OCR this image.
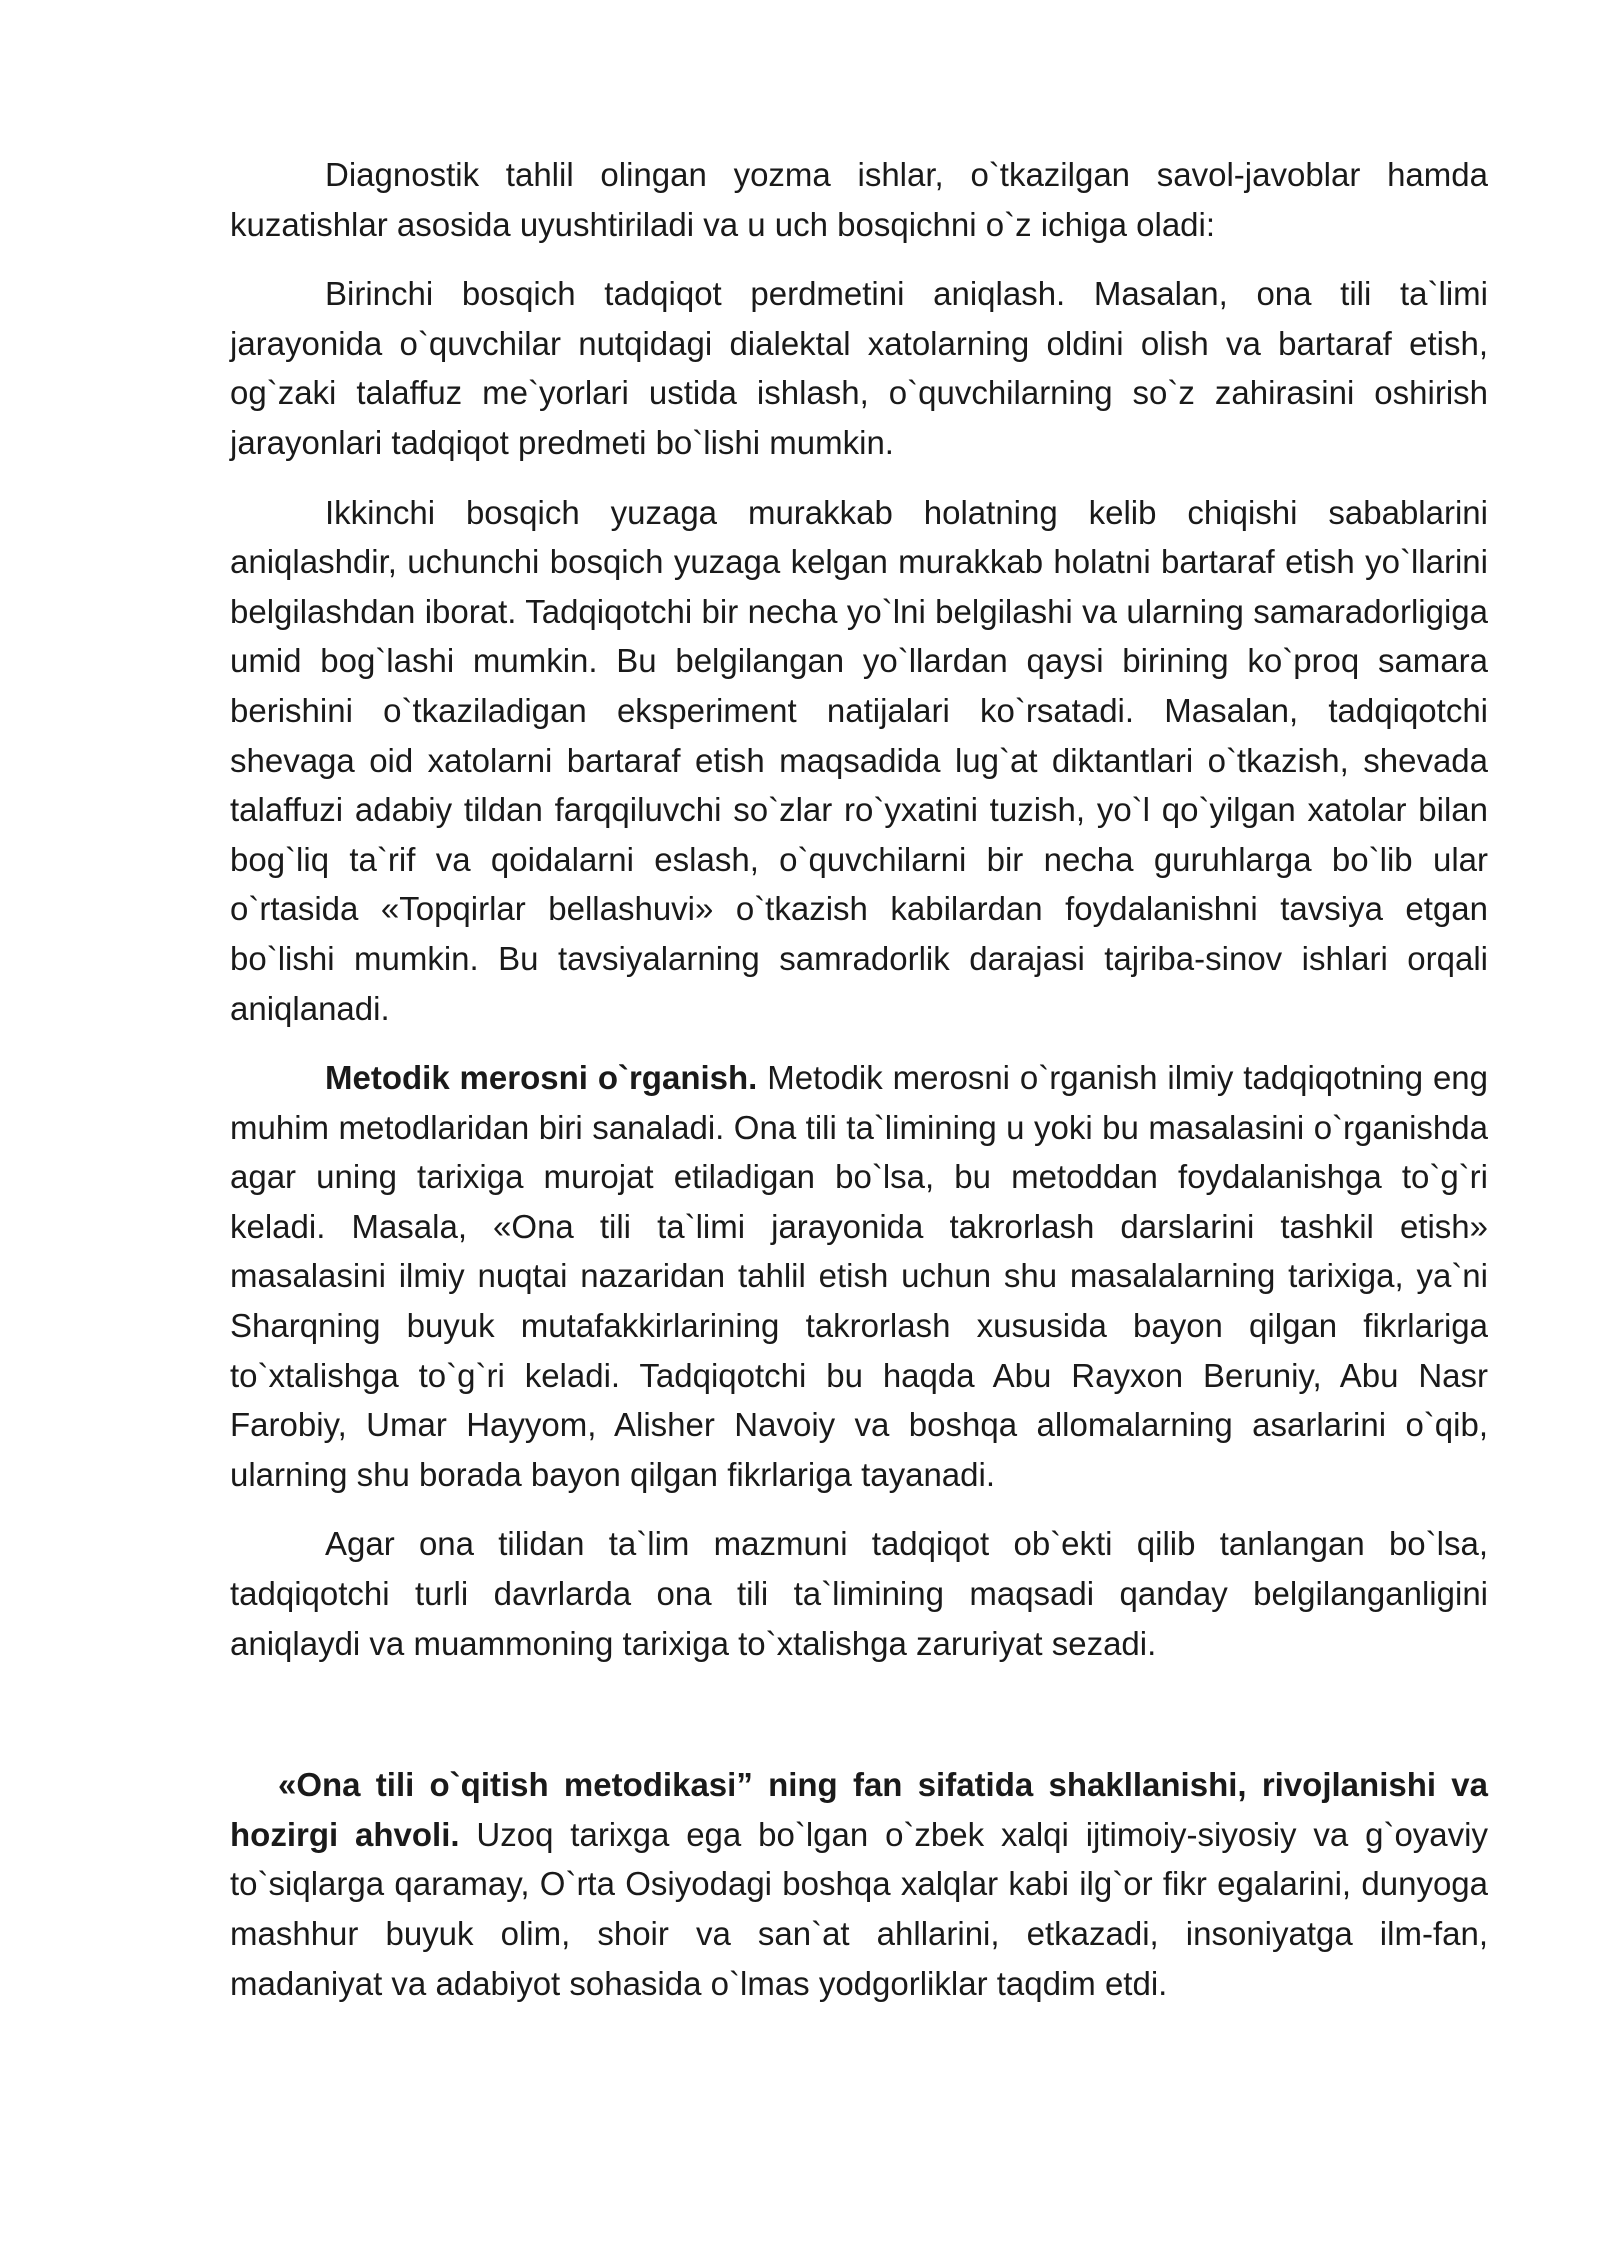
Diagnostik tahlil olingan yozma ishlar, o`tkazilgan savol-javoblar hamda kuzatishlar asosida uyushtiriladi va u uch bosqichni o`z ichiga oladi:

Birinchi bosqich tadqiqot perdmetini aniqlash. Masalan, ona tili ta`limi jarayonida o`quvchilar nutqidagi dialektal xatolarning oldini olish va bartaraf etish, og`zaki talaffuz me`yorlari ustida ishlash, o`quvchilarning so`z zahirasini oshirish jarayonlari tadqiqot predmeti bo`lishi mumkin.

Ikkinchi bosqich yuzaga murakkab holatning kelib chiqishi sabablarini aniqlashdir, uchunchi bosqich yuzaga kelgan murakkab holatni bartaraf etish yo`llarini belgilashdan iborat. Tadqiqotchi bir necha yo`lni belgilashi va ularning samaradorligiga umid bog`lashi mumkin. Bu belgilangan yo`llardan qaysi birining ko`proq samara berishini o`tkaziladigan eksperiment natijalari ko`rsatadi. Masalan, tadqiqotchi shevaga oid xatolarni bartaraf etish maqsadida lug`at diktantlari o`tkazish, shevada talaffuzi adabiy tildan farqqiluvchi so`zlar ro`yxatini tuzish, yo`l qo`yilgan xatolar bilan bog`liq ta`rif va qoidalarni eslash, o`quvchilarni bir necha guruhlarga bo`lib ular o`rtasida «Topqirlar bellashuvi» o`tkazish kabilardan foydalanishni tavsiya etgan bo`lishi mumkin. Bu tavsiyalarning samradorlik darajasi tajriba-sinov ishlari orqali aniqlanadi.

Metodik merosni o`rganish. Metodik merosni o`rganish ilmiy tadqiqotning eng muhim metodlaridan biri sanaladi. Ona tili ta`limining u yoki bu masalasini o`rganishda agar uning tarixiga murojat etiladigan bo`lsa, bu metoddan foydalanishga to`g`ri keladi. Masala, «Ona tili ta`limi jarayonida takrorlash darslarini tashkil etish» masalasini ilmiy nuqtai nazaridan tahlil etish uchun shu masalalarning tarixiga, ya`ni Sharqning buyuk mutafakkirlarining takrorlash xususida bayon qilgan fikrlariga to`xtalishga to`g`ri keladi. Tadqiqotchi bu haqda Abu Rayxon Beruniy, Abu Nasr Farobiy, Umar Hayyom, Alisher Navoiy va boshqa allomalarning asarlarini o`qib, ularning shu borada bayon qilgan fikrlariga tayanadi.

Agar ona tilidan ta`lim mazmuni tadqiqot ob`ekti qilib tanlangan bo`lsa, tadqiqotchi turli davrlarda ona tili ta`limining maqsadi qanday belgilanganligini aniqlaydi va muammoning tarixiga to`xtalishga zaruriyat sezadi.

«Ona tili o`qitish metodikasi” ning fan sifatida shakllanishi, rivojlanishi va hozirgi ahvoli. Uzoq tarixga ega bo`lgan o`zbek xalqi ijtimoiy-siyosiy va g`oyaviy to`siqlarga qaramay, O`rta Osiyodagi boshqa xalqlar kabi ilg`or fikr egalarini, dunyoga mashhur buyuk olim, shoir va san`at ahllarini, etkazadi, insoniyatga ilm-fan, madaniyat va adabiyot sohasida o`lmas yodgorliklar taqdim etdi.
